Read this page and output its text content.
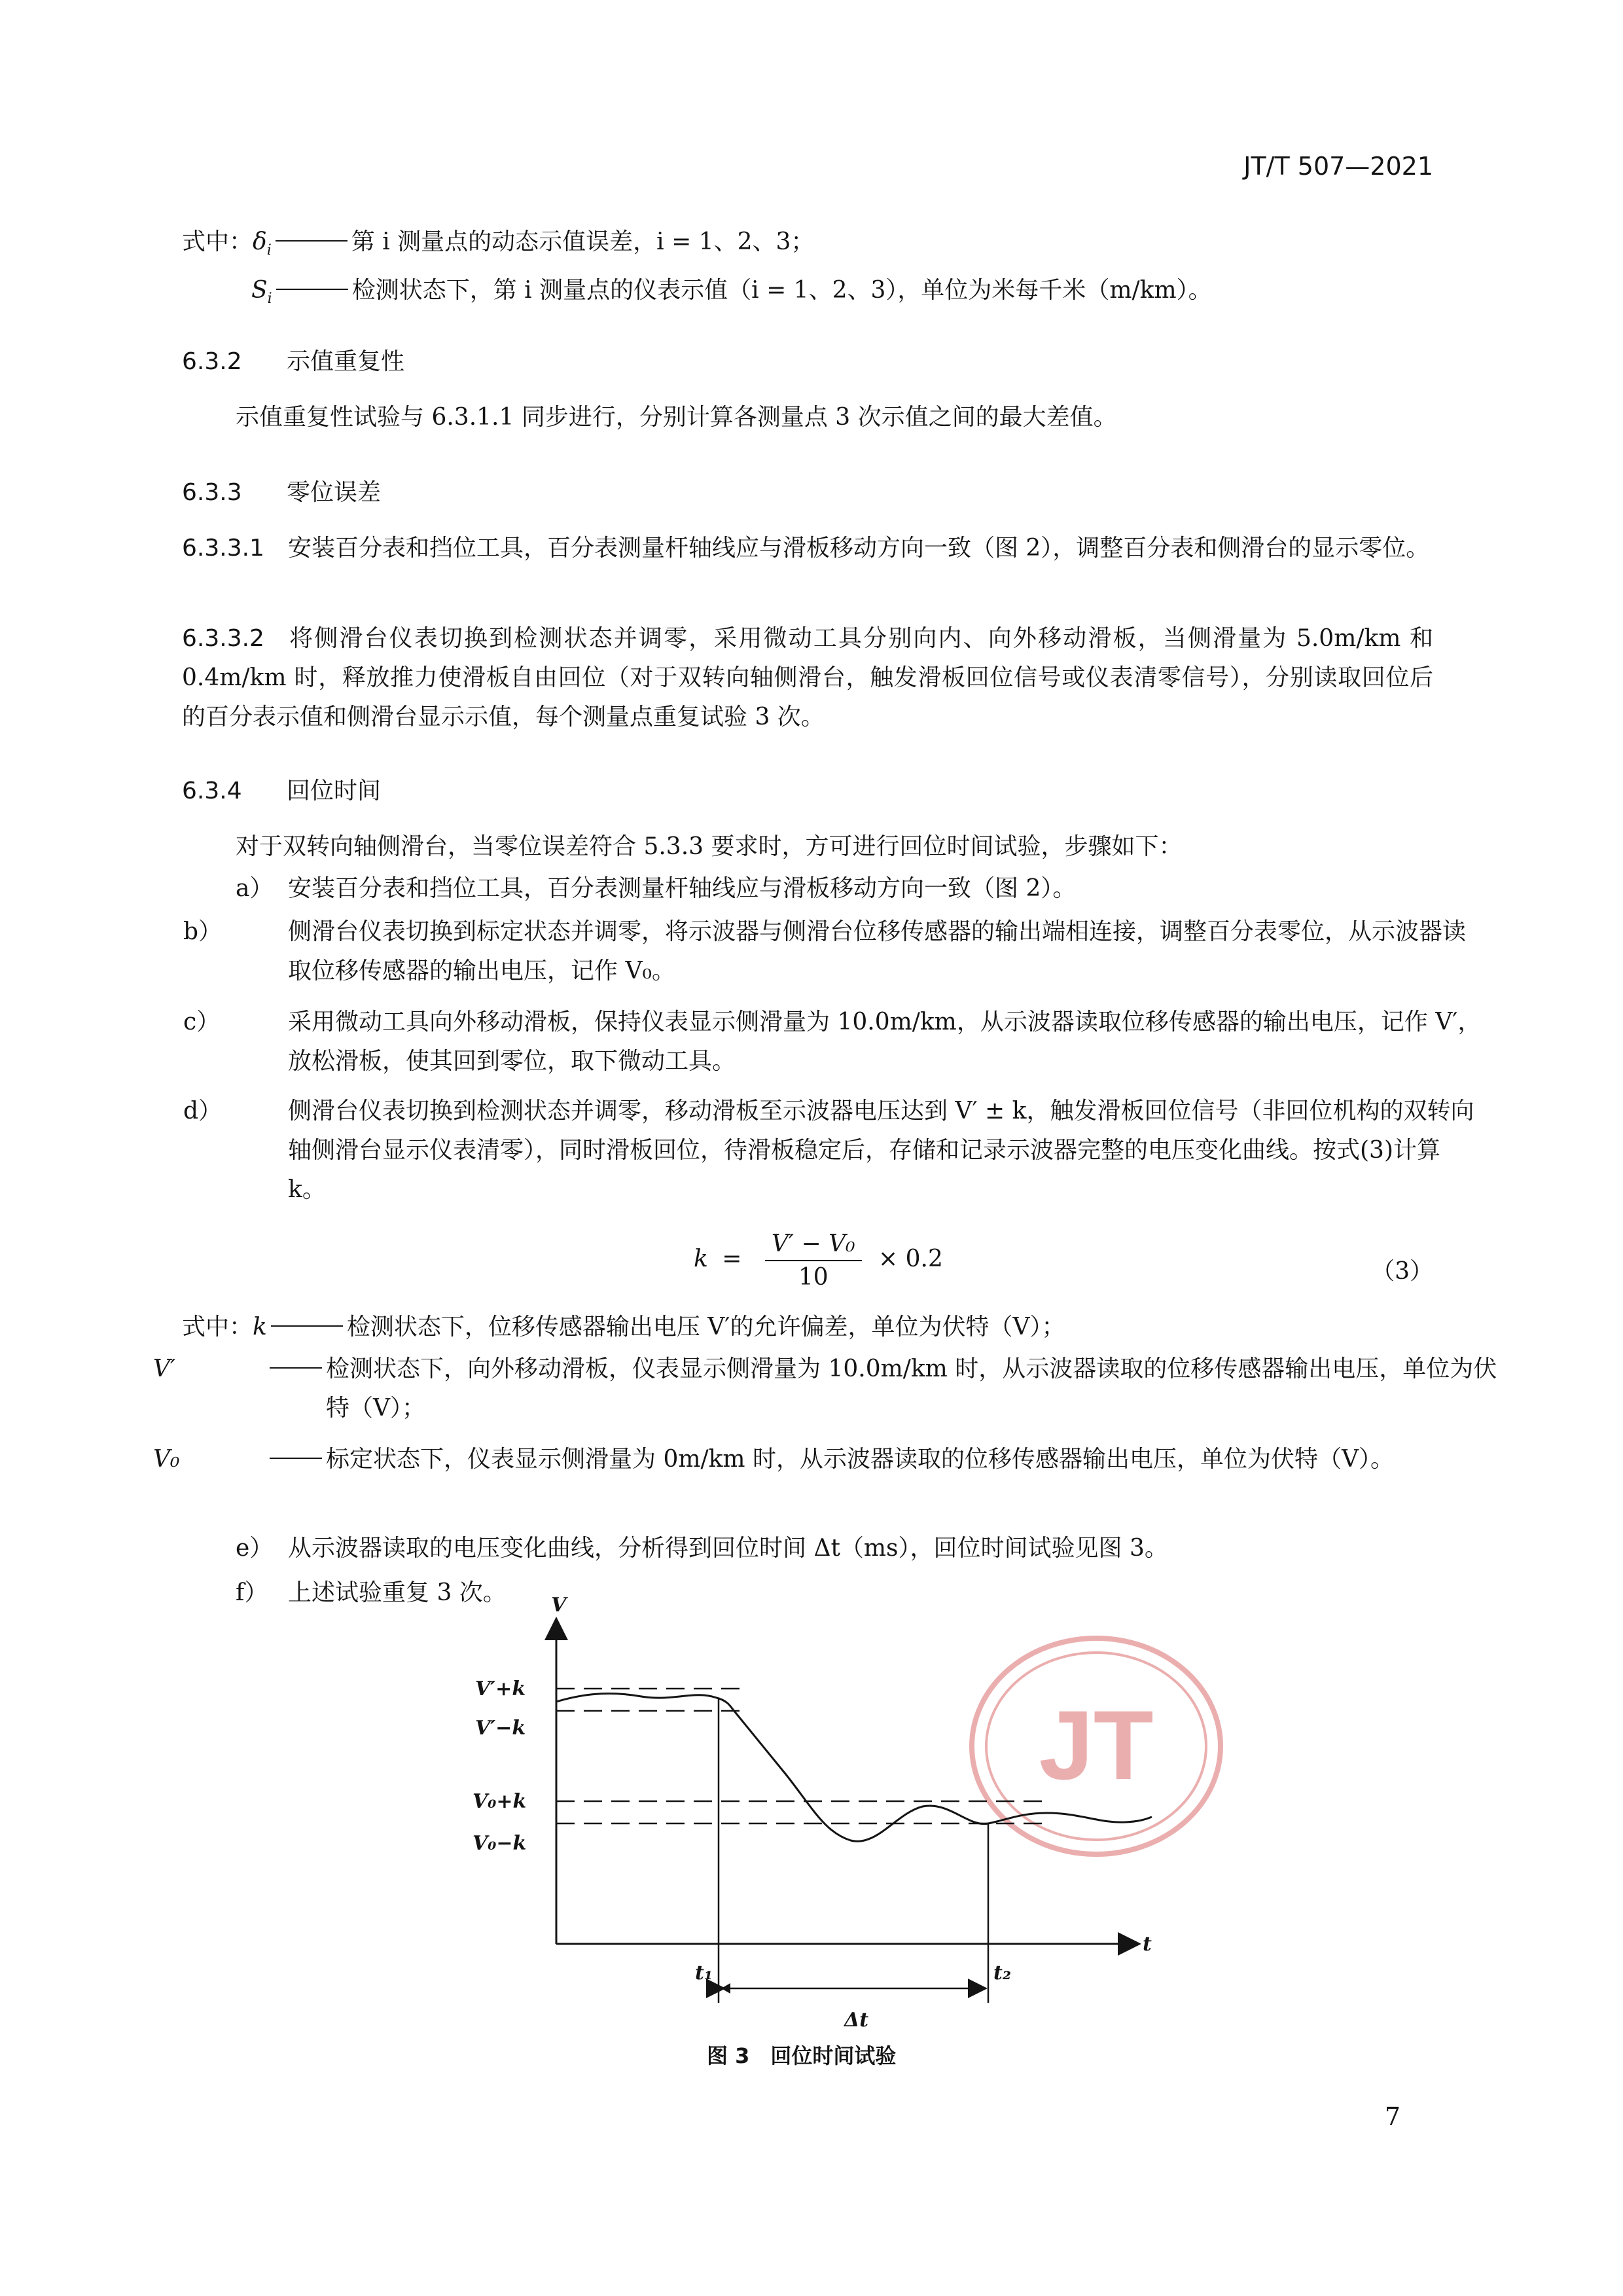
JT/T 507—2021
式中：$\delta_i$	第 i 测量点的动态示值误差，i = 1、2、3；
$S_i$	检测状态下，第 i 测量点的仪表示值（i = 1、2、3），单位为米每千米（m/km）。
6.3.2 示值重复性
示值重复性试验与 6.3.1.1 同步进行，分别计算各测量点 3 次示值之间的最大差值。
6.3.3 零位误差
6.3.3.1 安装百分表和挡位工具，百分表测量杆轴线应与滑板移动方向一致（图 2），调整百分表和侧滑台的显示零位。
6.3.3.2 将侧滑台仪表切换到检测状态并调零，采用微动工具分别向内、向外移动滑板，当侧滑量为 5.0m/km 和 0.4m/km 时，释放推力使滑板自由回位（对于双转向轴侧滑台，触发滑板回位信号或仪表清零信号），分别读取回位后的百分表示值和侧滑台显示示值，每个测量点重复试验 3 次。
6.3.4 回位时间
对于双转向轴侧滑台，当零位误差符合 5.3.3 要求时，方可进行回位时间试验，步骤如下：
a） 安装百分表和挡位工具，百分表测量杆轴线应与滑板移动方向一致（图 2）。
b）	侧滑台仪表切换到标定状态并调零，将示波器与侧滑台位移传感器的输出端相连接，调整百分表零位，从示波器读取位移传感器的输出电压，记作 V₀。
c）	采用微动工具向外移动滑板，保持仪表显示侧滑量为 10.0m/km，从示波器读取位移传感器的输出电压，记作 V′，放松滑板，使其回到零位，取下微动工具。
d）	侧滑台仪表切换到检测状态并调零，移动滑板至示波器电压达到 V′ ± k，触发滑板回位信号（非回位机构的双转向轴侧滑台显示仪表清零），同时滑板回位，待滑板稳定后，存储和记录示波器完整的电压变化曲线。按式(3)计算 k。
$k = \frac{\text{V′ − V₀}}{10} \times 0.2$	（3）
式中：k	检测状态下，位移传感器输出电压 V′的允许偏差，单位为伏特（V）；
V′	检测状态下，向外移动滑板，仪表显示侧滑量为 10.0m/km 时，从示波器读取的位移传感器输出电压，单位为伏特（V）；
V₀	标定状态下，仪表显示侧滑量为 0m/km 时，从示波器读取的位移传感器输出电压，单位为伏特（V）。
e） 从示波器读取的电压变化曲线，分析得到回位时间 Δt（ms），回位时间试验见图 3。
f） 上述试验重复 3 次。
JT
V
t
V′+k
V′−k
V₀+k
V₀−k
t₁	t₂
Δt
图 3　回位时间试验
7
